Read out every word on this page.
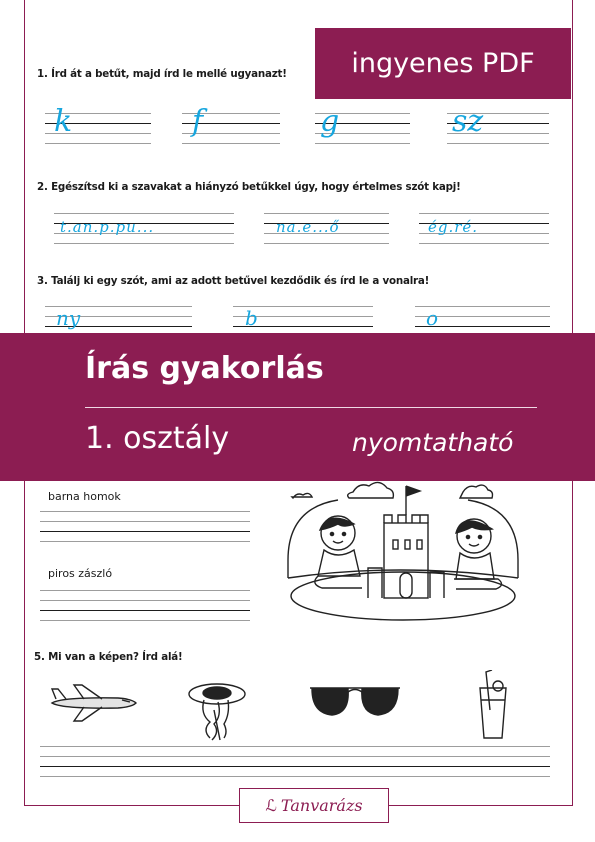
ingyenes PDF
1. Írd át a betűt, majd írd le mellé ugyanazt!
k	f	g	sz
2. Egészítsd ki a szavakat a hiányzó betűkkel úgy, hogy értelmes szót kapj!
t.an.p.pu...	na.e...ő	ég.ré.
3. Találj ki egy szót, ami az adott betűvel kezdődik és írd le a vonalra!
ny	b	o
Írás gyakorlás
1. osztály	nyomtatható
barna homok
piros zászló
5. Mi van a képen? Írd alá!
ℒ Tanvarázs
